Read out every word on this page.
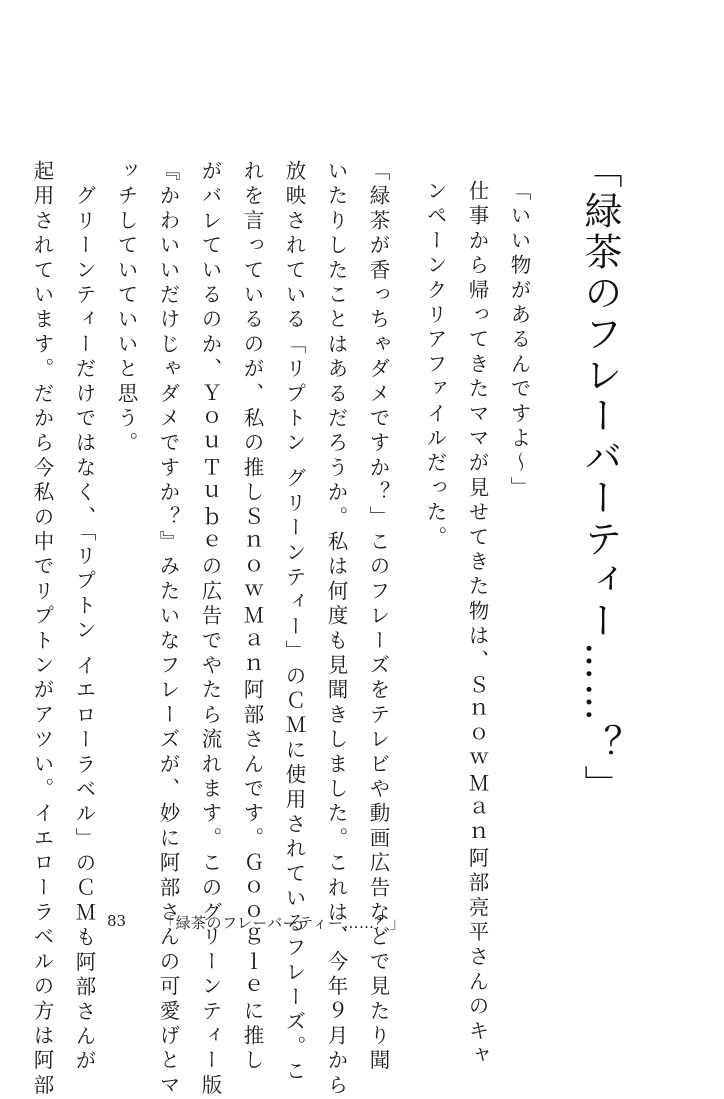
「緑茶のフレーバーティー……？」
「いい物があるんですよ〜」
仕事から帰ってきたママが見せてきた物は、ＳｎｏｗＭａｎ阿部亮平さんのキャ
ンペーンクリアファイルだった。
「緑茶が香っちゃダメですか？」このフレーズをテレビや動画広告などで見たり聞
いたりしたことはあるだろうか。私は何度も見聞きしました。これは、今年９月から
放映されている「リプトン グリーンティー」のＣＭに使用されているフレーズ。こ
れを言っているのが、私の推しＳｎｏｗＭａｎ阿部さんです。Ｇｏｏｇｌｅに推し
がバレているのか、ＹｏｕＴｕｂｅの広告でやたら流れます。このグリーンティー版
『かわいいだけじゃダメですか？』みたいなフレーズが、妙に阿部さんの可愛げとマ
ッチしていていいと思う。
　グリーンティーだけではなく、「リプトン イエローラベル」のＣＭも阿部さんが
起用されています。だから今私の中でリプトンがアツい。イエローラベルの方は阿部	83 「緑茶のフレーバーティー……？」
